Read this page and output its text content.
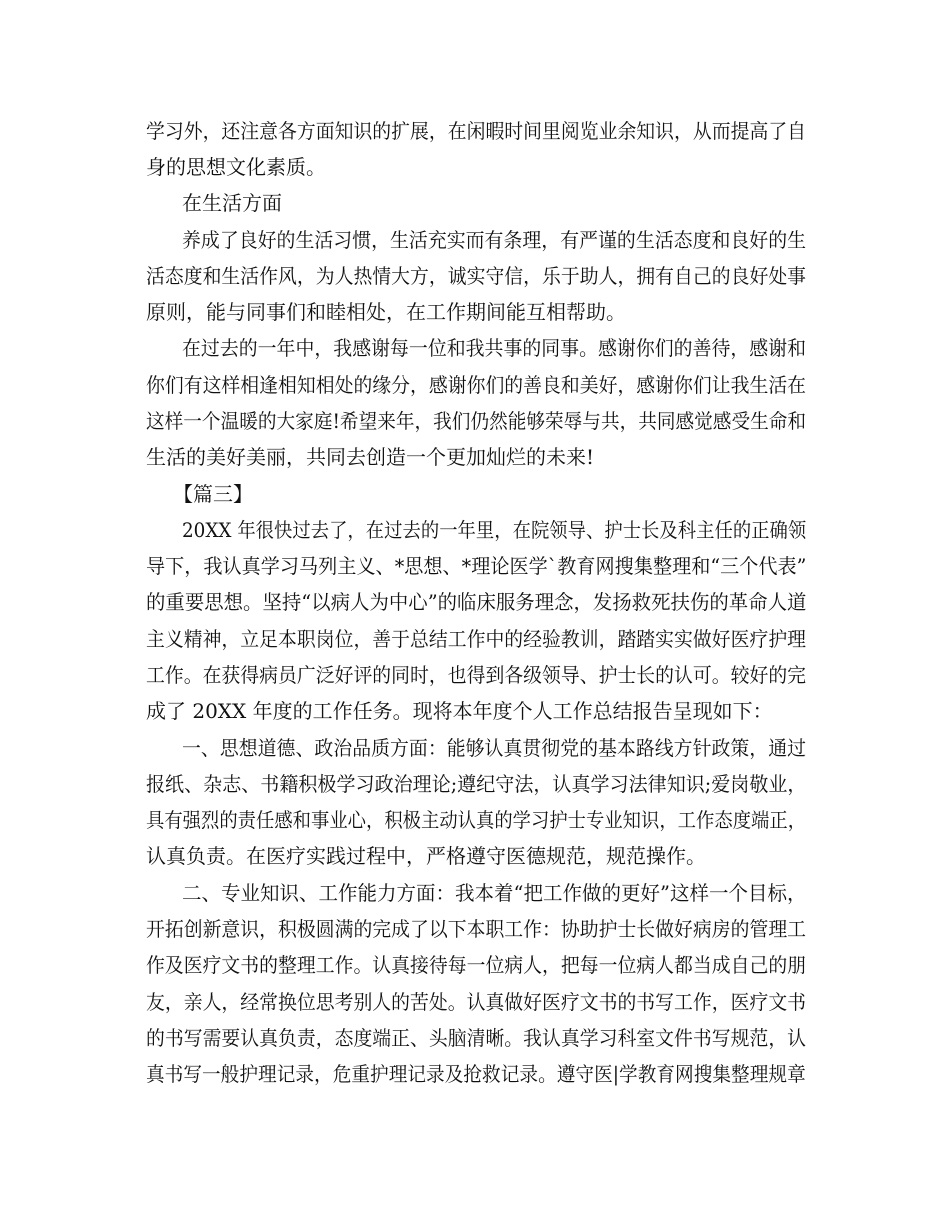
学习外，还注意各方面知识的扩展，在闲暇时间里阅览业余知识，从而提高了自
身的思想文化素质。
在生活方面
养成了良好的生活习惯，生活充实而有条理，有严谨的生活态度和良好的生
活态度和生活作风，为人热情大方，诚实守信，乐于助人，拥有自己的良好处事
原则，能与同事们和睦相处，在工作期间能互相帮助。
在过去的一年中，我感谢每一位和我共事的同事。感谢你们的善待，感谢和
你们有这样相逢相知相处的缘分，感谢你们的善良和美好，感谢你们让我生活在
这样一个温暖的大家庭!希望来年，我们仍然能够荣辱与共，共同感觉感受生命和
生活的美好美丽，共同去创造一个更加灿烂的未来!
【篇三】
20XX 年很快过去了，在过去的一年里，在院领导、护士长及科主任的正确领
导下，我认真学习马列主义、*思想、*理论医学`教育网搜集整理和“三个代表”
的重要思想。坚持“以病人为中心”的临床服务理念，发扬救死扶伤的革命人道
主义精神，立足本职岗位，善于总结工作中的经验教训，踏踏实实做好医疗护理
工作。在获得病员广泛好评的同时，也得到各级领导、护士长的认可。较好的完
成了 20XX 年度的工作任务。现将本年度个人工作总结报告呈现如下：
一、思想道德、政治品质方面：能够认真贯彻党的基本路线方针政策，通过
报纸、杂志、书籍积极学习政治理论;遵纪守法，认真学习法律知识;爱岗敬业，
具有强烈的责任感和事业心，积极主动认真的学习护士专业知识，工作态度端正，
认真负责。在医疗实践过程中，严格遵守医德规范，规范操作。
二、专业知识、工作能力方面：我本着“把工作做的更好”这样一个目标，
开拓创新意识，积极圆满的完成了以下本职工作：协助护士长做好病房的管理工
作及医疗文书的整理工作。认真接待每一位病人，把每一位病人都当成自己的朋
友，亲人，经常换位思考别人的苦处。认真做好医疗文书的书写工作，医疗文书
的书写需要认真负责，态度端正、头脑清晰。我认真学习科室文件书写规范，认
真书写一般护理记录，危重护理记录及抢救记录。遵守医|学教育网搜集整理规章
